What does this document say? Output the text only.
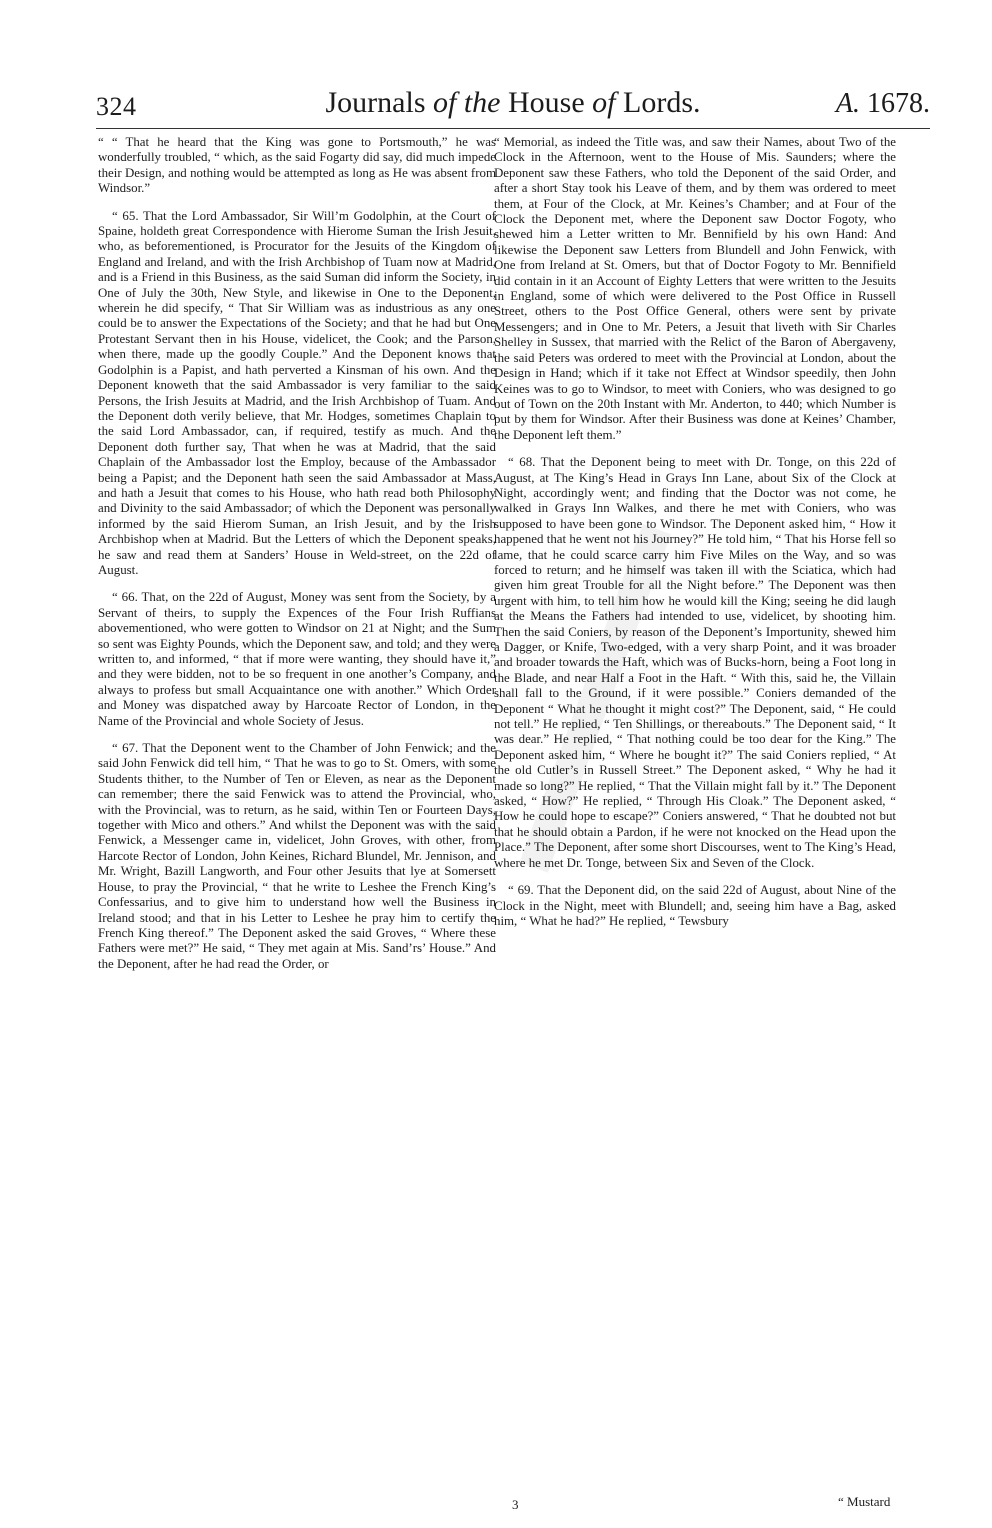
324	Journals of the House of Lords.	A. 1678.

“ “ That he heard that the King was gone to Portsmouth,” he was wonderfully troubled, “ which, as the said Fogarty did say, did much impede their Design, and nothing would be attempted as long as He was absent from Windsor.”

“ 65. That the Lord Ambassador, Sir Will’m Godolphin, at the Court of Spaine, holdeth great Correspondence with Hierome Suman the Irish Jesuit, who, as beforementioned, is Procurator for the Jesuits of the Kingdom of England and Ireland, and with the Irish Archbishop of Tuam now at Madrid, and is a Friend in this Business, as the said Suman did inform the Society, in One of July the 30th, New Style, and likewise in One to the Deponent, wherein he did specify, “ That Sir William was as industrious as any one could be to answer the Expectations of the Society; and that he had but One Protestant Servant then in his House, videlicet, the Cook; and the Parson, when there, made up the goodly Couple.” And the Deponent knows that Godolphin is a Papist, and hath perverted a Kinsman of his own. And the Deponent knoweth that the said Ambassador is very familiar to the said Persons, the Irish Jesuits at Madrid, and the Irish Archbishop of Tuam. And the Deponent doth verily believe, that Mr. Hodges, sometimes Chaplain to the said Lord Ambassador, can, if required, testify as much. And the Deponent doth further say, That when he was at Madrid, that the said Chaplain of the Ambassador lost the Employ, because of the Ambassador being a Papist; and the Deponent hath seen the said Ambassador at Mass, and hath a Jesuit that comes to his House, who hath read both Philosophy and Divinity to the said Ambassador; of which the Deponent was personally informed by the said Hierom Suman, an Irish Jesuit, and by the Irish Archbishop when at Madrid. But the Letters of which the Deponent speaks, he saw and read them at Sanders’ House in Weld-street, on the 22d of August.

“ 66. That, on the 22d of August, Money was sent from the Society, by a Servant of theirs, to supply the Expences of the Four Irish Ruffians abovementioned, who were gotten to Windsor on 21 at Night; and the Sum so sent was Eighty Pounds, which the Deponent saw, and told; and they were written to, and informed, “ that if more were wanting, they should have it,” and they were bidden, not to be so frequent in one another’s Company, and always to profess but small Acquaintance one with another.” Which Order and Money was dispatched away by Harcoate Rector of London, in the Name of the Provincial and whole Society of Jesus.

“ 67. That the Deponent went to the Chamber of John Fenwick; and the said John Fenwick did tell him, “ That he was to go to St. Omers, with some Students thither, to the Number of Ten or Eleven, as near as the Deponent can remember; there the said Fenwick was to attend the Provincial, who, with the Provincial, was to return, as he said, within Ten or Fourteen Days, together with Mico and others.” And whilst the Deponent was with the said Fenwick, a Messenger came in, videlicet, John Groves, with other, from Harcote Rector of London, John Keines, Richard Blundel, Mr. Jennison, and Mr. Wright, Bazill Langworth, and Four other Jesuits that lye at Somersett House, to pray the Provincial, “ that he write to Leshee the French King’s Confessarius, and to give him to understand how well the Business in Ireland stood; and that in his Letter to Leshee he pray him to certify the French King thereof.” The Deponent asked the said Groves, “ Where these Fathers were met?” He said, “ They met again at Mis. Sand’rs’ House.” And the Deponent, after he had read the Order, or

“ Memorial, as indeed the Title was, and saw their Names, about Two of the Clock in the Afternoon, went to the House of Mis. Saunders; where the Deponent saw these Fathers, who told the Deponent of the said Order, and after a short Stay took his Leave of them, and by them was ordered to meet them, at Four of the Clock, at Mr. Keines’s Chamber; and at Four of the Clock the Deponent met, where the Deponent saw Doctor Fogoty, who shewed him a Letter written to Mr. Bennifield by his own Hand: And likewise the Deponent saw Letters from Blundell and John Fenwick, with One from Ireland at St. Omers, but that of Doctor Fogoty to Mr. Bennifield did contain in it an Account of Eighty Letters that were written to the Jesuits in England, some of which were delivered to the Post Office in Russell Street, others to the Post Office General, others were sent by private Messengers; and in One to Mr. Peters, a Jesuit that liveth with Sir Charles Shelley in Sussex, that married with the Relict of the Baron of Abergaveny, the said Peters was ordered to meet with the Provincial at London, about the Design in Hand; which if it take not Effect at Windsor speedily, then John Keines was to go to Windsor, to meet with Coniers, who was designed to go out of Town on the 20th Instant with Mr. Anderton, to 440; which Number is put by them for Windsor. After their Business was done at Keines’ Chamber, the Deponent left them.”

“ 68. That the Deponent being to meet with Dr. Tonge, on this 22d of August, at The King’s Head in Grays Inn Lane, about Six of the Clock at Night, accordingly went; and finding that the Doctor was not come, he walked in Grays Inn Walkes, and there he met with Coniers, who was supposed to have been gone to Windsor. The Deponent asked him, “ How it happened that he went not his Journey?” He told him, “ That his Horse fell so lame, that he could scarce carry him Five Miles on the Way, and so was forced to return; and he himself was taken ill with the Sciatica, which had given him great Trouble for all the Night before.” The Deponent was then urgent with him, to tell him how he would kill the King; seeing he did laugh at the Means the Fathers had intended to use, videlicet, by shooting him. Then the said Coniers, by reason of the Deponent’s Importunity, shewed him a Dagger, or Knife, Two-edged, with a very sharp Point, and it was broader and broader towards the Haft, which was of Bucks-horn, being a Foot long in the Blade, and near Half a Foot in the Haft. “ With this, said he, the Villain shall fall to the Ground, if it were possible.” Coniers demanded of the Deponent “ What he thought it might cost?” The Deponent, said, “ He could not tell.” He replied, “ Ten Shillings, or thereabouts.” The Deponent said, “ It was dear.” He replied, “ That nothing could be too dear for the King.” The Deponent asked him, “ Where he bought it?” The said Coniers replied, “ At the old Cutler’s in Russell Street.” The Deponent asked, “ Why he had it made so long?” He replied, “ That the Villain might fall by it.” The Deponent asked, “ How?” He replied, “ Through His Cloak.” The Deponent asked, “ How he could hope to escape?” Coniers answered, “ That he doubted not but that he should obtain a Pardon, if he were not knocked on the Head upon the Place.” The Deponent, after some short Discourses, went to The King’s Head, where he met Dr. Tonge, between Six and Seven of the Clock.

“ 69. That the Deponent did, on the said 22d of August, about Nine of the Clock in the Night, meet with Blundell; and, seeing him have a Bag, asked him, “ What he had?” He replied, “ Tewsbury

3	“ Mustard
